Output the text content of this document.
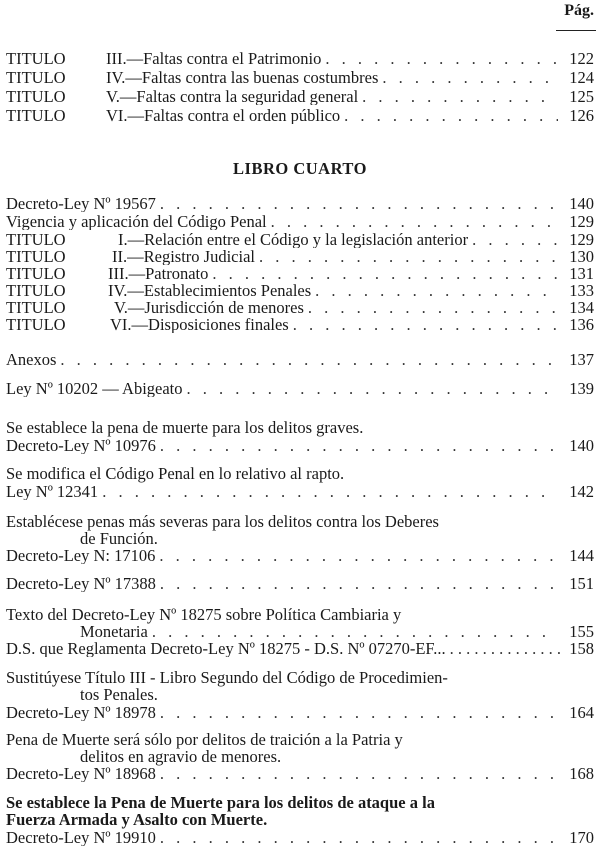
Pág.
TITULO	III. —Faltas contra el Patrimonio . . .	122
TITULO	IV. —Faltas contra las buenas costumbres . . .	124
TITULO	V. —Faltas contra la seguridad general . . .	125
TITULO	VI. —Faltas contra el orden público . . .	126
LIBRO CUARTO
Decreto-Ley Nº 19567 . . .	140
Vigencia y aplicación del Código Penal . . .	129
TITULO	I. —Relación entre el Código y la legislación anterior . . .	129
TITULO	II. —Registro Judicial . . .	130
TITULO	III. —Patronato . . .	131
TITULO	IV. —Establecimientos Penales . . .	133
TITULO	V. —Jurisdicción de menores . . .	134
TITULO	VI. —Disposiciones finales . . .	136
Anexos . . .	137
Ley Nº 10202 — Abigeato . . .	139
Se establece la pena de muerte para los delitos graves.
Decreto-Ley Nº 10976 . . .	140
Se modifica el Código Penal en lo relativo al rapto.
Ley Nº 12341 . . .	142
Establécese penas más severas para los delitos contra los Deberes
de Función.
Decreto-Ley N: 17106 . . .	144
Decreto-Ley Nº 17388 . . .	151
Texto del Decreto-Ley Nº 18275 sobre Política Cambiaria y
Monetaria . . .	155
D.S. que Reglamenta Decreto-Ley Nº 18275 - D.S. Nº 07270-EF... . . .	158
Sustitúyese Título III - Libro Segundo del Código de Procedimien-
tos Penales.
Decreto-Ley Nº 18978 . . .	164
Pena de Muerte será sólo por delitos de traición a la Patria y
delitos en agravio de menores.
Decreto-Ley Nº 18968 . . .	168
Se establece la Pena de Muerte para los delitos de ataque a la
Fuerza Armada y Asalto con Muerte.
Decreto-Ley Nº 19910 . . .	170
